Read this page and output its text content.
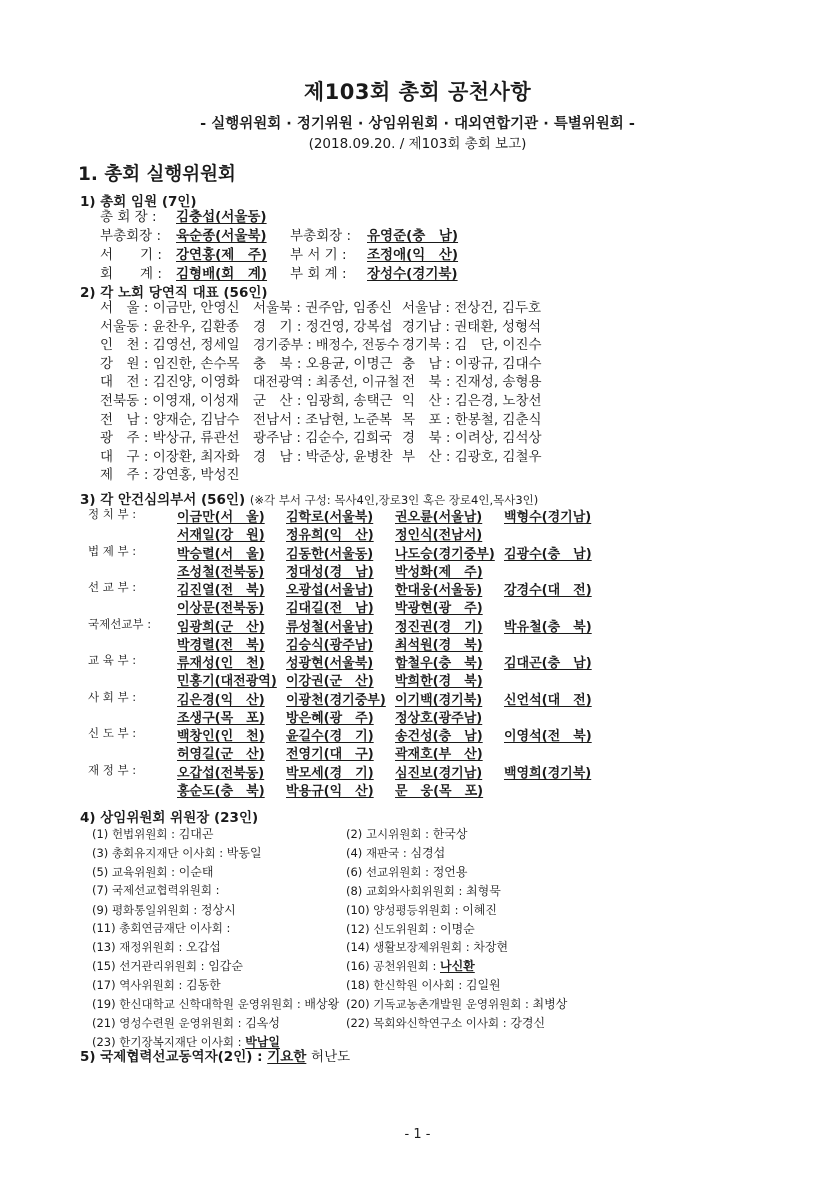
제103회 총회 공천사항
- 실행위원회 · 정기위원 · 상임위원회 · 대외연합기관 · 특별위원회 -
(2018.09.20. / 제103회 총회 보고)
1. 총회 실행위원회
1) 총회 임원 (7인)
총 회 장 : 김충섭(서울동)
부총회장 : 육순종(서울북) 부총회장 : 유영준(충　남)
서　　기 : 강연홍(제　주) 부 서 기 : 조정애(익　산)
회　　계 : 김형배(회　계) 부 회 계 : 장성수(경기북)
2) 각 노회 당연직 대표 (56인)
서　울 : 이금만, 안영신 서울북 : 권주암, 임종신 서울남 : 전상건, 김두호
서울동 : 윤찬우, 김환종 경　기 : 정건영, 강복섭 경기남 : 권태환, 성형석
인　천 : 김영선, 정세일 경기중부 : 배정수, 전동수 경기북 : 김　단, 이진수
강　원 : 임진한, 손수목 충　북 : 오용균, 이명근 충　남 : 이광규, 김대수
대　전 : 김진양, 이영화 대전광역 : 최종선, 이규철 전　북 : 진재성, 송형용
전북동 : 이영재, 이성재 군　산 : 임광희, 송택근 익　산 : 김은경, 노창선
전　남 : 양재순, 김남수 전남서 : 조남현, 노준복 목　포 : 한봉철, 김춘식
광　주 : 박상규, 류관선 광주남 : 김순수, 김희국 경　북 : 이려상, 김석상
대　구 : 이장환, 최자화 경　남 : 박준상, 윤병찬 부　산 : 김광호, 김철우
제　주 : 강연홍, 박성진
3) 각 안건심의부서 (56인) (※각 부서 구성: 목사4인,장로3인 혹은 장로4인,목사3인)
정 치 부 :	이금만(서　울) 김학로(서울북) 권오륜(서울남) 백형수(경기남)
서재일(강　원) 정유희(익　산) 정인식(전남서)
법 제 부 :	박승렬(서　울) 김동한(서울동) 나도승(경기중부) 김광수(충　남)
조성철(전북동) 정대성(경　남) 박성화(제　주)
선 교 부 :	김진열(전　북) 오광섭(서울남) 한대웅(서울동) 강경수(대　전)
이상문(전북동) 김대길(전　남) 박광현(광　주)
국제선교부 : 임광희(군　산) 류성철(서울남) 정진권(경　기) 박유철(충　북)
박경렬(전　북) 김승식(광주남) 최석원(경　북)
교 육 부 :	류재성(인　천) 성광현(서울북) 함철우(충　북) 김대곤(충　남)
민홍기(대전광역) 이강권(군　산) 박희한(경　북)
사 회 부 :	김은경(익　산) 이광천(경기중부) 이기백(경기북) 신언석(대　전)
조생구(목　포) 방은혜(광　주) 정상호(광주남)
신 도 부 :	백창인(인　천) 윤길수(경　기) 송건성(충　남) 이영석(전　북)
허영길(군　산) 전영기(대　구) 곽재호(부　산)
재 정 부 :	오갑섭(전북동) 박모세(경　기) 심진보(경기남) 백영희(경기북)
홍순도(충　북) 박용규(익　산) 문　웅(목　포)
4) 상임위원회 위원장 (23인)
(1) 헌법위원회 : 김대곤	(2) 고시위원회 : 한국상
(3) 총회유지재단 이사회 : 박동일	(4) 재판국 : 심경섭
(5) 교육위원회 : 이순태	(6) 선교위원회 : 정언용
(7) 국제선교협력위원회 :	(8) 교회와사회위원회 : 최형묵
(9) 평화통일위원회 : 정상시	(10) 양성평등위원회 : 이혜진
(11) 총회연금재단 이사회 :	(12) 신도위원회 : 이명순
(13) 재정위원회 : 오갑섭	(14) 생활보장제위원회 : 차장현
(15) 선거관리위원회 : 임갑순	(16) 공천위원회 : 나신환
(17) 역사위원회 : 김동한	(18) 한신학원 이사회 : 김일원
(19) 한신대학교 신학대학원 운영위원회 : 배상왕 (20) 기독교농촌개발원 운영위원회 : 최병상
(21) 영성수련원 운영위원회 : 김옥성	(22) 목회와신학연구소 이사회 : 강경신
(23) 한기장복지재단 이사회 : 박남일
5) 국제협력선교동역자(2인) : 기요한 허난도
- 1 -
